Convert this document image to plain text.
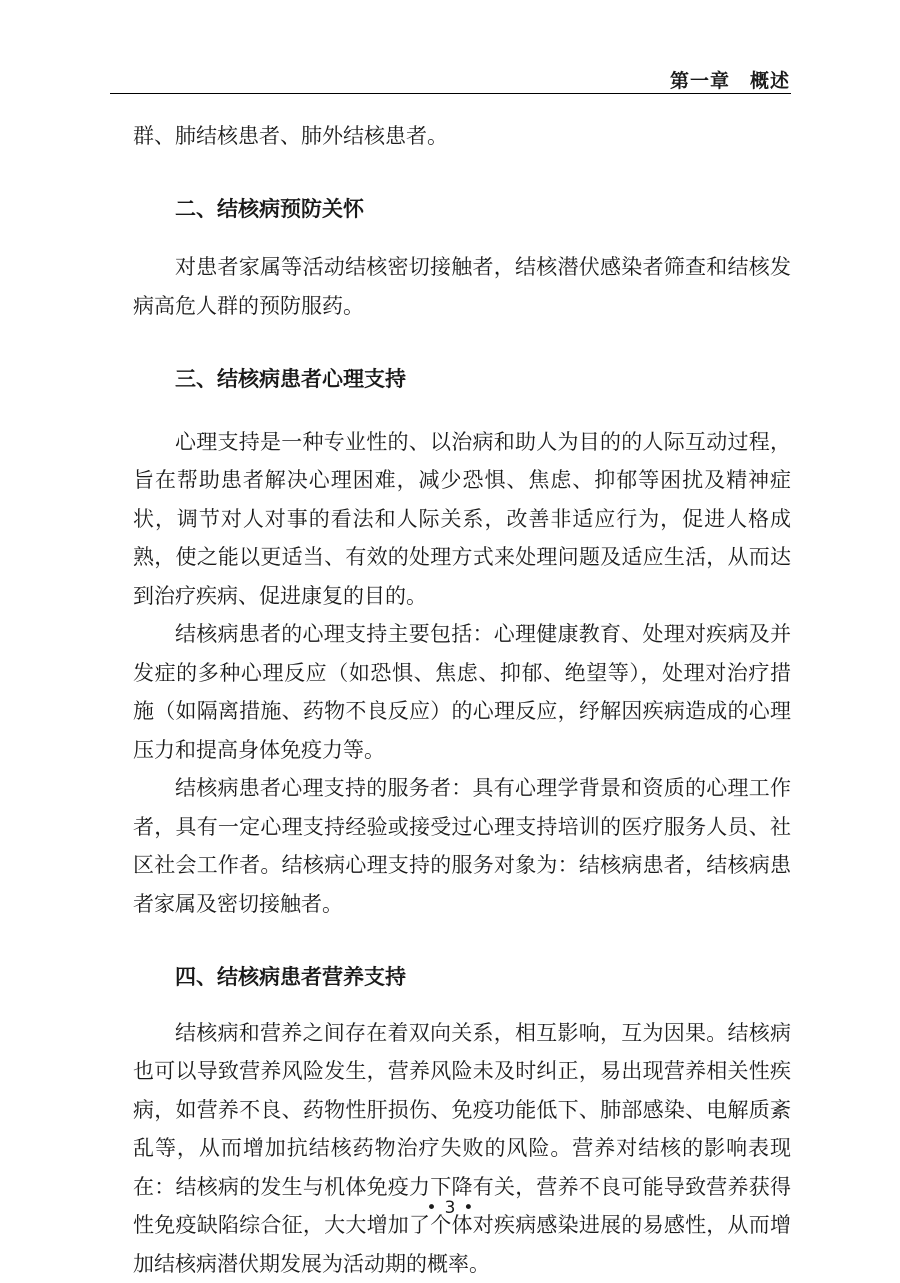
第一章　概述

群、肺结核患者、肺外结核患者。

二、结核病预防关怀

对患者家属等活动结核密切接触者，结核潜伏感染者筛查和结核发病高危人群的预防服药。

三、结核病患者心理支持

心理支持是一种专业性的、以治病和助人为目的的人际互动过程，旨在帮助患者解决心理困难，减少恐惧、焦虑、抑郁等困扰及精神症状，调节对人对事的看法和人际关系，改善非适应行为，促进人格成熟，使之能以更适当、有效的处理方式来处理问题及适应生活，从而达到治疗疾病、促进康复的目的。

结核病患者的心理支持主要包括：心理健康教育、处理对疾病及并发症的多种心理反应（如恐惧、焦虑、抑郁、绝望等），处理对治疗措施（如隔离措施、药物不良反应）的心理反应，纾解因疾病造成的心理压力和提高身体免疫力等。

结核病患者心理支持的服务者：具有心理学背景和资质的心理工作者，具有一定心理支持经验或接受过心理支持培训的医疗服务人员、社区社会工作者。结核病心理支持的服务对象为：结核病患者，结核病患者家属及密切接触者。

四、结核病患者营养支持

结核病和营养之间存在着双向关系，相互影响，互为因果。结核病也可以导致营养风险发生，营养风险未及时纠正，易出现营养相关性疾病，如营养不良、药物性肝损伤、免疫功能低下、肺部感染、电解质紊乱等，从而增加抗结核药物治疗失败的风险。营养对结核的影响表现在：结核病的发生与机体免疫力下降有关，营养不良可能导致营养获得性免疫缺陷综合征，大大增加了个体对疾病感染进展的易感性，从而增加结核病潜伏期发展为活动期的概率。

• 3 •
